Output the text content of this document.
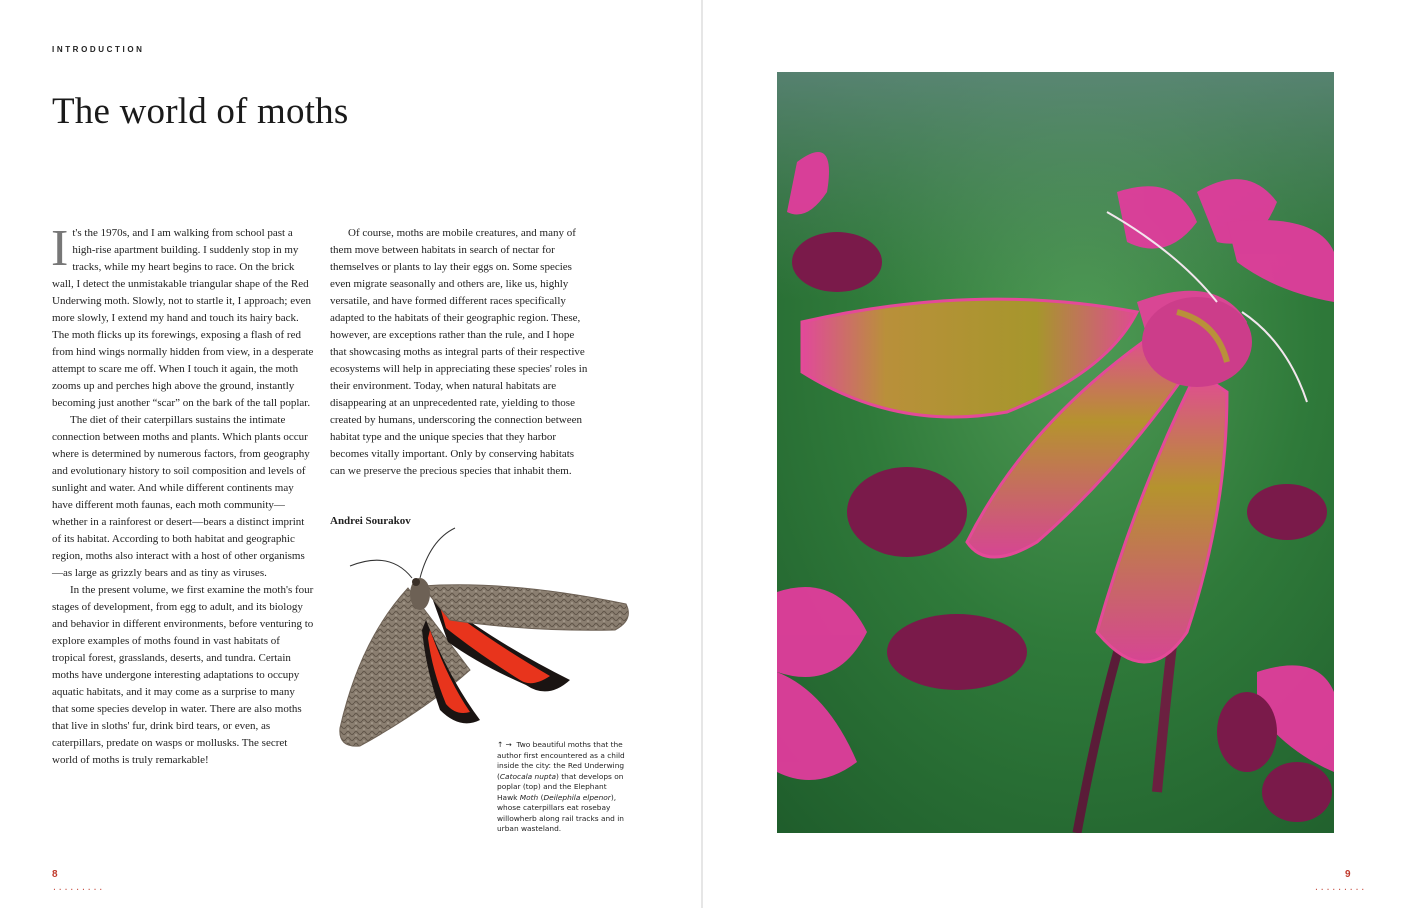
INTRODUCTION
The world of moths

It's the 1970s, and I am walking from school past a high-rise apartment building. I suddenly stop in my tracks, while my heart begins to race. On the brick wall, I detect the unmistakable triangular shape of the Red Underwing moth. Slowly, not to startle it, I approach; even more slowly, I extend my hand and touch its hairy back. The moth flicks up its forewings, exposing a flash of red from hind wings normally hidden from view, in a desperate attempt to scare me off. When I touch it again, the moth zooms up and perches high above the ground, instantly becoming just another “scar” on the bark of the tall poplar.

The diet of their caterpillars sustains the intimate connection between moths and plants. Which plants occur where is determined by numerous factors, from geography and evolutionary history to soil composition and levels of sunlight and water. And while different continents may have different moth faunas, each moth community— whether in a rainforest or desert—bears a distinct imprint of its habitat. According to both habitat and geographic region, moths also interact with a host of other organisms—as large as grizzly bears and as tiny as viruses.

In the present volume, we first examine the moth's four stages of development, from egg to adult, and its biology and behavior in different environments, before venturing to explore examples of moths found in vast habitats of tropical forest, grasslands, deserts, and tundra. Certain moths have undergone interesting adaptations to occupy aquatic habitats, and it may come as a surprise to many that some species develop in water. There are also moths that live in sloths' fur, drink bird tears, or even, as caterpillars, predate on wasps or mollusks. The secret world of moths is truly remarkable!

Of course, moths are mobile creatures, and many of them move between habitats in search of nectar for themselves or plants to lay their eggs on. Some species even migrate seasonally and others are, like us, highly versatile, and have formed different races specifically adapted to the habitats of their geographic region. These, however, are exceptions rather than the rule, and I hope that showcasing moths as integral parts of their respective ecosystems will help in appreciating these species' roles in their environment. Today, when natural habitats are disappearing at an unprecedented rate, yielding to those created by humans, underscoring the connection between habitat type and the unique species that they harbor becomes vitally important. Only by conserving habitats can we preserve the precious species that inhabit them.

Andrei Sourakov
↑ → Two beautiful moths that the author first encountered as a child inside the city: the Red Underwing (Catocala nupta) that develops on poplar (top) and the Elephant Hawk Moth (Deilephila elpenor), whose caterpillars eat rosebay willowherb along rail tracks and in urban wasteland.
8
.........
9
.........
